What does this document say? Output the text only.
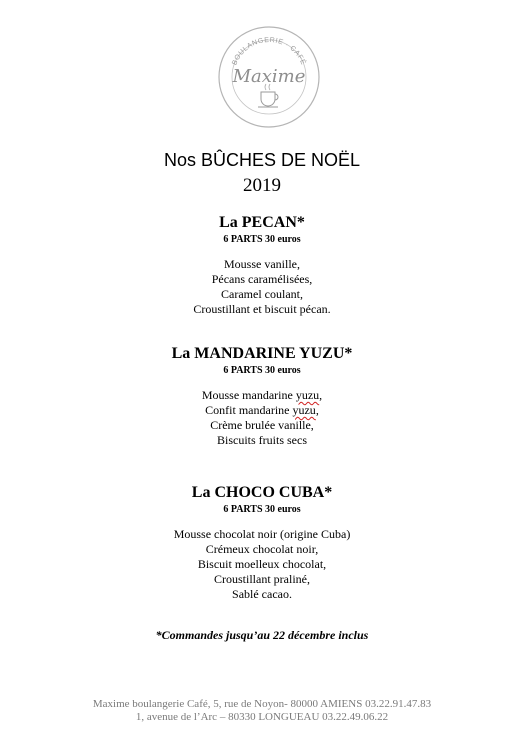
BOULANGERIE · CAFÉ
Maxime
Nos BÛCHES DE NOËL
2019
La PECAN*
6 PARTS 30 euros
Mousse vanille,
Pécans caramélisées,
Caramel coulant,
Croustillant et biscuit pécan.
La MANDARINE YUZU*
6 PARTS 30 euros
Mousse mandarine yuzu,
Confit mandarine yuzu,
Crème brulée vanille,
Biscuits fruits secs
La CHOCO CUBA*
6 PARTS 30 euros
Mousse chocolat noir (origine Cuba)
Crémeux chocolat noir,
Biscuit moelleux chocolat,
Croustillant praliné,
Sablé cacao.
*Commandes jusqu’au 22 décembre inclus
Maxime boulangerie Café, 5, rue de Noyon- 80000 AMIENS 03.22.91.47.83
1, avenue de l’Arc – 80330 LONGUEAU 03.22.49.06.22
